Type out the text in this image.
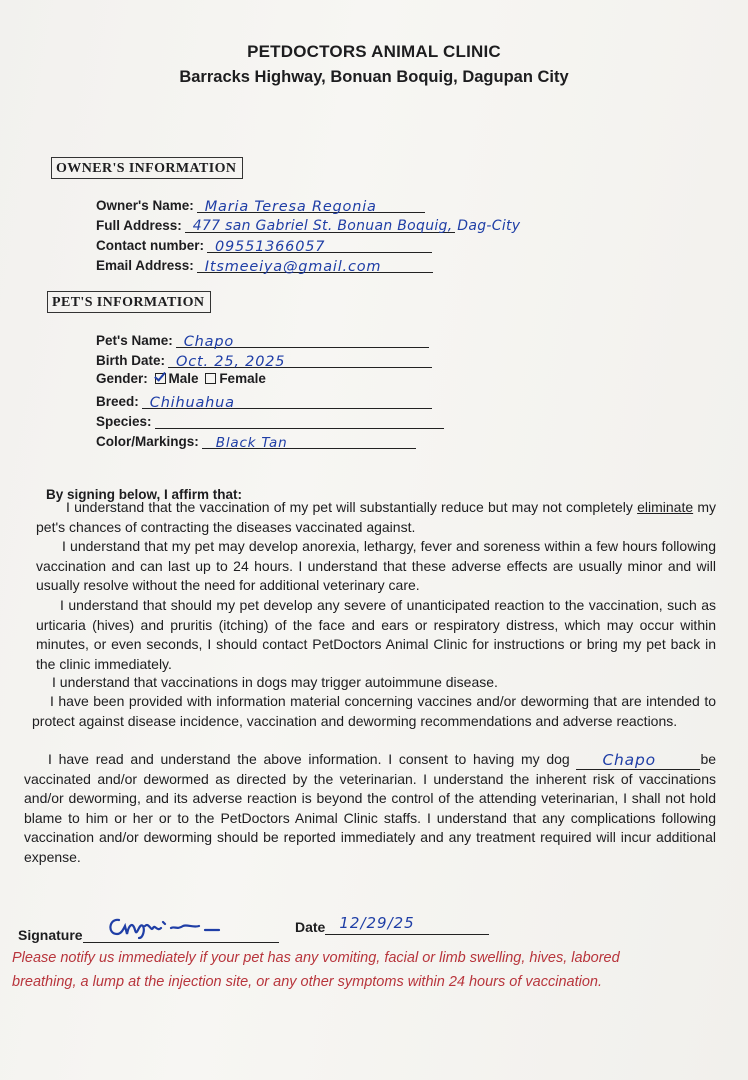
PETDOCTORS ANIMAL CLINIC
Barracks Highway, Bonuan Boquig, Dagupan City
OWNER'S INFORMATION
Owner's Name: Maria Teresa Regonia
Full Address: 477 san Gabriel St. Bonuan Boquig, Dag-City
Contact number: 09551366057
Email Address: Itsmeeiya@gmail.com
PET'S INFORMATION
Pet's Name: Chapo
Birth Date: Oct. 25, 2025
Gender: Male Female
Breed: Chihuahua
Species:
Color/Markings: Black Tan
By signing below, I affirm that:
I understand that the vaccination of my pet will substantially reduce but may not completely eliminate my pet's chances of contracting the diseases vaccinated against.
I understand that my pet may develop anorexia, lethargy, fever and soreness within a few hours following vaccination and can last up to 24 hours. I understand that these adverse effects are usually minor and will usually resolve without the need for additional veterinary care.
I understand that should my pet develop any severe of unanticipated reaction to the vaccination, such as urticaria (hives) and pruritis (itching) of the face and ears or respiratory distress, which may occur within minutes, or even seconds, I should contact PetDoctors Animal Clinic for instructions or bring my pet back in the clinic immediately.
I understand that vaccinations in dogs may trigger autoimmune disease.
I have been provided with information material concerning vaccines and/or deworming that are intended to protect against disease incidence, vaccination and deworming recommendations and adverse reactions.
I have read and understand the above information. I consent to having my dog Chapo	be vaccinated and/or dewormed as directed by the veterinarian. I understand the inherent risk of vaccinations and/or deworming, and its adverse reaction is beyond the control of the attending veterinarian, I shall not hold blame to him or her or to the PetDoctors Animal Clinic staffs. I understand that any complications following vaccination and/or deworming should be reported immediately and any treatment required will incur additional expense.
Signature	Date 12/29/25
Please notify us immediately if your pet has any vomiting, facial or limb swelling, hives, labored breathing, a lump at the injection site, or any other symptoms within 24 hours of vaccination.
